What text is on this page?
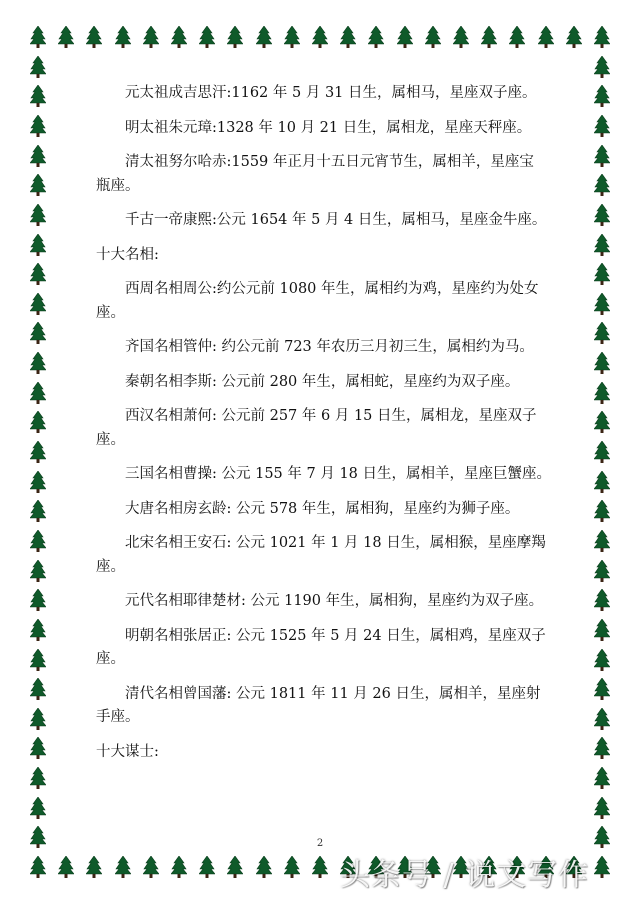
元太祖成吉思汗:1162 年 5 月 31 日生，属相马，星座双子座。
明太祖朱元璋:1328 年 10 月 21 日生，属相龙，星座天秤座。
清太祖努尔哈赤:1559 年正月十五日元宵节生，属相羊，星座宝
瓶座。
千古一帝康熙:公元 1654 年 5 月 4 日生，属相马，星座金牛座。
十大名相:
西周名相周公:约公元前 1080 年生，属相约为鸡，星座约为处女
座。
齐国名相管仲: 约公元前 723 年农历三月初三生，属相约为马。
秦朝名相李斯: 公元前 280 年生，属相蛇，星座约为双子座。
西汉名相萧何: 公元前 257 年 6 月 15 日生，属相龙，星座双子
座。
三国名相曹操: 公元 155 年 7 月 18 日生，属相羊，星座巨蟹座。
大唐名相房玄龄: 公元 578 年生，属相狗，星座约为狮子座。
北宋名相王安石: 公元 1021 年 1 月 18 日生，属相猴，星座摩羯
座。
元代名相耶律楚材: 公元 1190 年生，属相狗，星座约为双子座。
明朝名相张居正: 公元 1525 年 5 月 24 日生，属相鸡，星座双子
座。
清代名相曾国藩: 公元 1811 年 11 月 26 日生，属相羊，星座射
手座。
十大谋士:
2
头条号 / 说文写作
